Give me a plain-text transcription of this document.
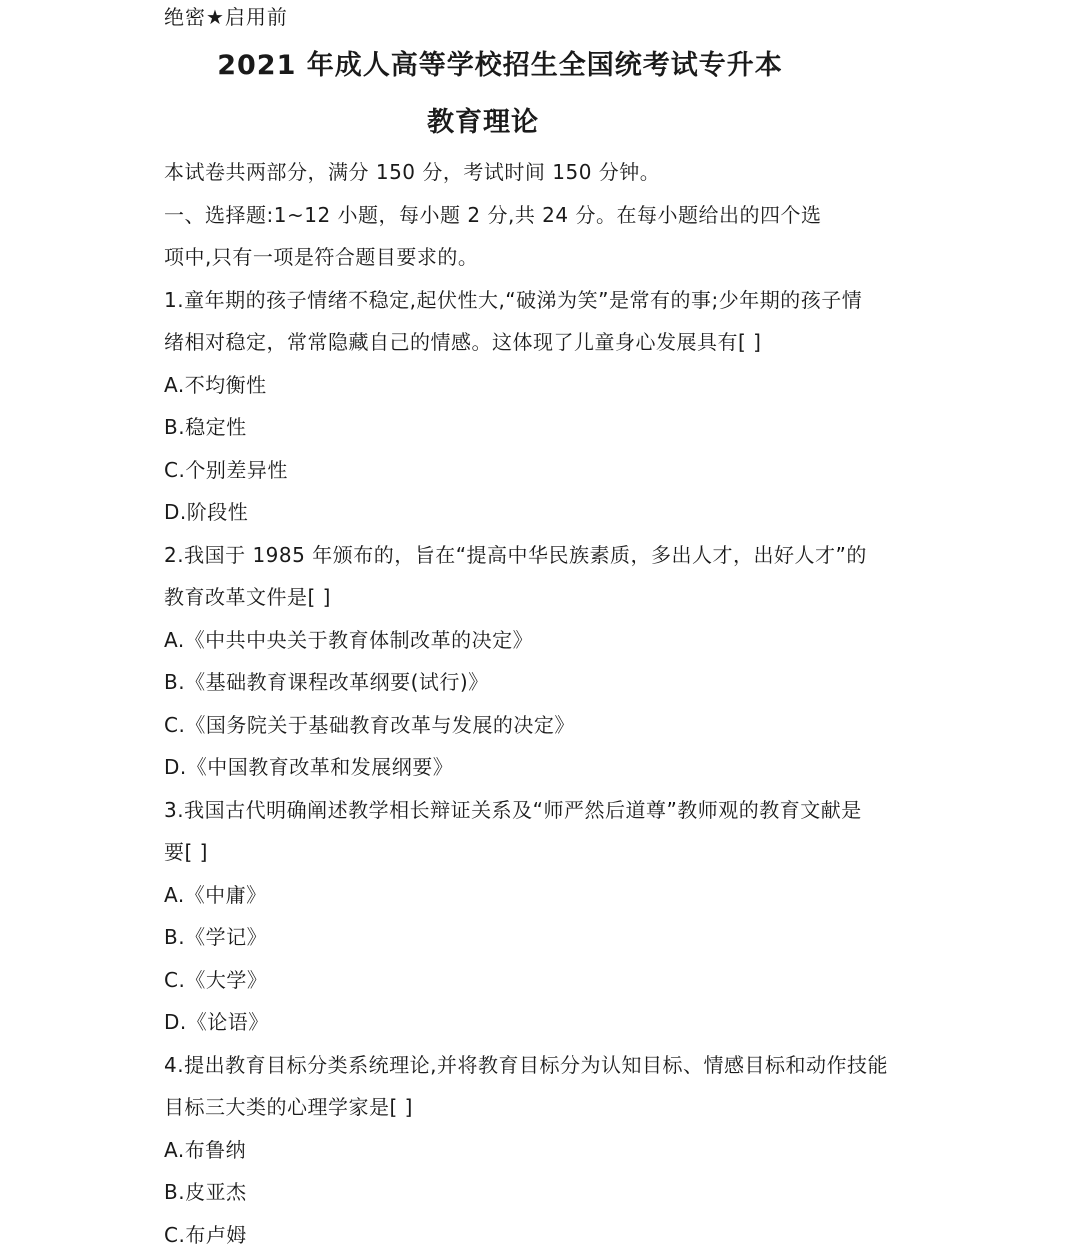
绝密★启用前
2021 年成人高等学校招生全国统考试专升本
教育理论
本试卷共两部分，满分 150 分，考试时间 150 分钟。
一、选择题:1~12 小题，每小题 2 分,共 24 分。在每小题给出的四个选
项中,只有一项是符合题目要求的。
1.童年期的孩子情绪不稳定,起伏性大,“破涕为笑”是常有的事;少年期的孩子情
绪相对稳定，常常隐藏自己的情感。这体现了儿童身心发展具有[ ]
A.不均衡性
B.稳定性
C.个别差异性
D.阶段性
2.我国于 1985 年颁布的，旨在“提高中华民族素质，多出人才，出好人才”的
教育改革文件是[ ]
A.《中共中央关于教育体制改革的决定》
B.《基础教育课程改革纲要(试行)》
C.《国务院关于基础教育改革与发展的决定》
D.《中国教育改革和发展纲要》
3.我国古代明确阐述教学相长辩证关系及“师严然后道尊”教师观的教育文献是
要[ ]
A.《中庸》
B.《学记》
C.《大学》
D.《论语》
4.提出教育目标分类系统理论,并将教育目标分为认知目标、情感目标和动作技能
目标三大类的心理学家是[ ]
A.布鲁纳
B.皮亚杰
C.布卢姆
